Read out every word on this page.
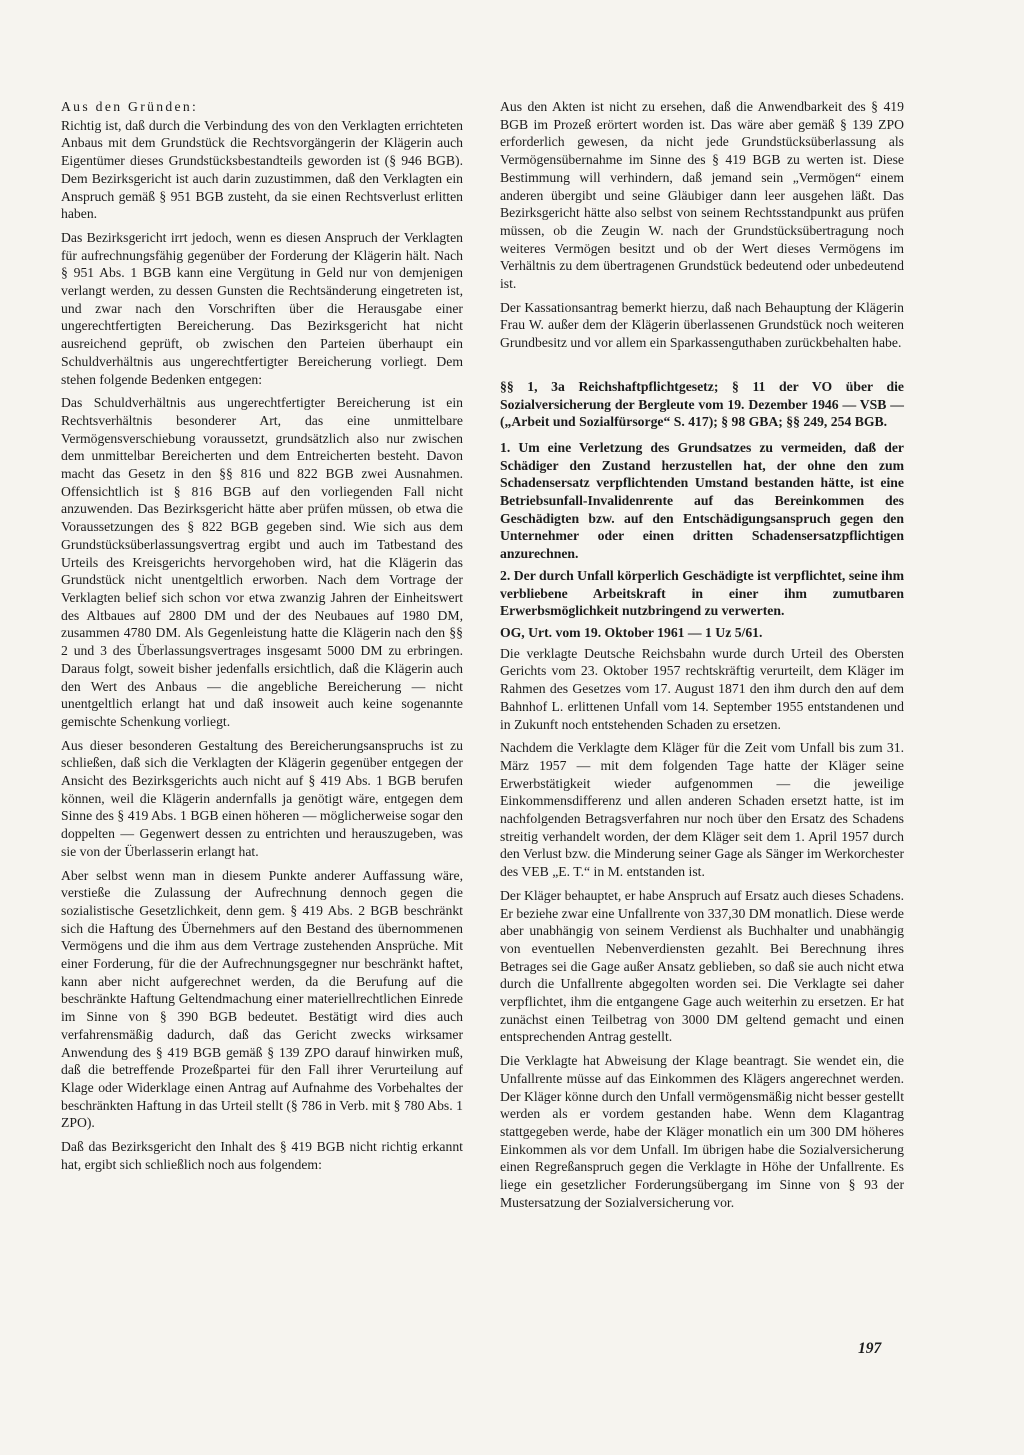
Aus den Gründen:

Richtig ist, daß durch die Verbindung des von den Verklagten errichteten Anbaus mit dem Grundstück die Rechtsvorgängerin der Klägerin auch Eigentümer dieses Grundstücksbestandteils geworden ist (§ 946 BGB). Dem Bezirksgericht ist auch darin zuzustimmen, daß den Verklagten ein Anspruch gemäß § 951 BGB zusteht, da sie einen Rechtsverlust erlitten haben.

Das Bezirksgericht irrt jedoch, wenn es diesen Anspruch der Verklagten für aufrechnungsfähig gegenüber der Forderung der Klägerin hält. Nach § 951 Abs. 1 BGB kann eine Vergütung in Geld nur von demjenigen verlangt werden, zu dessen Gunsten die Rechtsänderung eingetreten ist, und zwar nach den Vorschriften über die Herausgabe einer ungerechtfertigten Bereicherung. Das Bezirksgericht hat nicht ausreichend geprüft, ob zwischen den Parteien überhaupt ein Schuldverhältnis aus ungerechtfertigter Bereicherung vorliegt. Dem stehen folgende Bedenken entgegen:

Das Schuldverhältnis aus ungerechtfertigter Bereicherung ist ein Rechtsverhältnis besonderer Art, das eine unmittelbare Vermögensverschiebung voraussetzt, grundsätzlich also nur zwischen dem unmittelbar Bereicherten und dem Entreicherten besteht. Davon macht das Gesetz in den §§ 816 und 822 BGB zwei Ausnahmen. Offensichtlich ist § 816 BGB auf den vorliegenden Fall nicht anzuwenden. Das Bezirksgericht hätte aber prüfen müssen, ob etwa die Voraussetzungen des § 822 BGB gegeben sind. Wie sich aus dem Grundstücksüberlassungsvertrag ergibt und auch im Tatbestand des Urteils des Kreisgerichts hervorgehoben wird, hat die Klägerin das Grundstück nicht unentgeltlich erworben. Nach dem Vortrage der Verklagten belief sich schon vor etwa zwanzig Jahren der Einheitswert des Altbaues auf 2800 DM und der des Neubaues auf 1980 DM, zusammen 4780 DM. Als Gegenleistung hatte die Klägerin nach den §§ 2 und 3 des Überlassungsvertrages insgesamt 5000 DM zu erbringen. Daraus folgt, soweit bisher jedenfalls ersichtlich, daß die Klägerin auch den Wert des Anbaus — die angebliche Bereicherung — nicht unentgeltlich erlangt hat und daß insoweit auch keine sogenannte gemischte Schenkung vorliegt.

Aus dieser besonderen Gestaltung des Bereicherungsanspruchs ist zu schließen, daß sich die Verklagten der Klägerin gegenüber entgegen der Ansicht des Bezirksgerichts auch nicht auf § 419 Abs. 1 BGB berufen können, weil die Klägerin andernfalls ja genötigt wäre, entgegen dem Sinne des § 419 Abs. 1 BGB einen höheren — möglicherweise sogar den doppelten — Gegenwert dessen zu entrichten und herauszugeben, was sie von der Überlasserin erlangt hat.

Aber selbst wenn man in diesem Punkte anderer Auffassung wäre, verstieße die Zulassung der Aufrechnung dennoch gegen die sozialistische Gesetzlichkeit, denn gem. § 419 Abs. 2 BGB beschränkt sich die Haftung des Übernehmers auf den Bestand des übernommenen Vermögens und die ihm aus dem Vertrage zustehenden Ansprüche. Mit einer Forderung, für die der Aufrechnungsgegner nur beschränkt haftet, kann aber nicht aufgerechnet werden, da die Berufung auf die beschränkte Haftung Geltendmachung einer materiellrechtlichen Einrede im Sinne von § 390 BGB bedeutet. Bestätigt wird dies auch verfahrensmäßig dadurch, daß das Gericht zwecks wirksamer Anwendung des § 419 BGB gemäß § 139 ZPO darauf hinwirken muß, daß die betreffende Prozeßpartei für den Fall ihrer Verurteilung auf Klage oder Widerklage einen Antrag auf Aufnahme des Vorbehaltes der beschränkten Haftung in das Urteil stellt (§ 786 in Verb. mit § 780 Abs. 1 ZPO).

Daß das Bezirksgericht den Inhalt des § 419 BGB nicht richtig erkannt hat, ergibt sich schließlich noch aus folgendem:

Aus den Akten ist nicht zu ersehen, daß die Anwendbarkeit des § 419 BGB im Prozeß erörtert worden ist. Das wäre aber gemäß § 139 ZPO erforderlich gewesen, da nicht jede Grundstücksüberlassung als Vermögensübernahme im Sinne des § 419 BGB zu werten ist. Diese Bestimmung will verhindern, daß jemand sein „Vermögen“ einem anderen übergibt und seine Gläubiger dann leer ausgehen läßt. Das Bezirksgericht hätte also selbst von seinem Rechtsstandpunkt aus prüfen müssen, ob die Zeugin W. nach der Grundstücksübertragung noch weiteres Vermögen besitzt und ob der Wert dieses Vermögens im Verhältnis zu dem übertragenen Grundstück bedeutend oder unbedeutend ist.

Der Kassationsantrag bemerkt hierzu, daß nach Behauptung der Klägerin Frau W. außer dem der Klägerin überlassenen Grundstück noch weiteren Grundbesitz und vor allem ein Sparkassenguthaben zurückbehalten habe.

§§ 1, 3a Reichshaftpflichtgesetz; § 11 der VO über die Sozialversicherung der Bergleute vom 19. Dezember 1946 — VSB — („Arbeit und Sozialfürsorge“ S. 417); § 98 GBA; §§ 249, 254 BGB.

1. Um eine Verletzung des Grundsatzes zu vermeiden, daß der Schädiger den Zustand herzustellen hat, der ohne den zum Schadensersatz verpflichtenden Umstand bestanden hätte, ist eine Betriebsunfall-Invalidenrente auf das Bereinkommen des Geschädigten bzw. auf den Entschädigungsanspruch gegen den Unternehmer oder einen dritten Schadensersatzpflichtigen anzurechnen.

2. Der durch Unfall körperlich Geschädigte ist verpflichtet, seine ihm verbliebene Arbeitskraft in einer ihm zumutbaren Erwerbsmöglichkeit nutzbringend zu verwerten.

OG, Urt. vom 19. Oktober 1961 — 1 Uz 5/61.

Die verklagte Deutsche Reichsbahn wurde durch Urteil des Obersten Gerichts vom 23. Oktober 1957 rechtskräftig verurteilt, dem Kläger im Rahmen des Gesetzes vom 17. August 1871 den ihm durch den auf dem Bahnhof L. erlittenen Unfall vom 14. September 1955 entstandenen und in Zukunft noch entstehenden Schaden zu ersetzen.

Nachdem die Verklagte dem Kläger für die Zeit vom Unfall bis zum 31. März 1957 — mit dem folgenden Tage hatte der Kläger seine Erwerbstätigkeit wieder aufgenommen — die jeweilige Einkommensdifferenz und allen anderen Schaden ersetzt hatte, ist im nachfolgenden Betragsverfahren nur noch über den Ersatz des Schadens streitig verhandelt worden, der dem Kläger seit dem 1. April 1957 durch den Verlust bzw. die Minderung seiner Gage als Sänger im Werkorchester des VEB „E. T.“ in M. entstanden ist.

Der Kläger behauptet, er habe Anspruch auf Ersatz auch dieses Schadens. Er beziehe zwar eine Unfallrente von 337,30 DM monatlich. Diese werde aber unabhängig von seinem Verdienst als Buchhalter und unabhängig von eventuellen Nebenverdiensten gezahlt. Bei Berechnung ihres Betrages sei die Gage außer Ansatz geblieben, so daß sie auch nicht etwa durch die Unfallrente abgegolten worden sei. Die Verklagte sei daher verpflichtet, ihm die entgangene Gage auch weiterhin zu ersetzen. Er hat zunächst einen Teilbetrag von 3000 DM geltend gemacht und einen entsprechenden Antrag gestellt.

Die Verklagte hat Abweisung der Klage beantragt. Sie wendet ein, die Unfallrente müsse auf das Einkommen des Klägers angerechnet werden. Der Kläger könne durch den Unfall vermögensmäßig nicht besser gestellt werden als er vordem gestanden habe. Wenn dem Klagantrag stattgegeben werde, habe der Kläger monatlich ein um 300 DM höheres Einkommen als vor dem Unfall. Im übrigen habe die Sozialversicherung einen Regreßanspruch gegen die Verklagte in Höhe der Unfallrente. Es liege ein gesetzlicher Forderungsübergang im Sinne von § 93 der Mustersatzung der Sozialversicherung vor.

197
